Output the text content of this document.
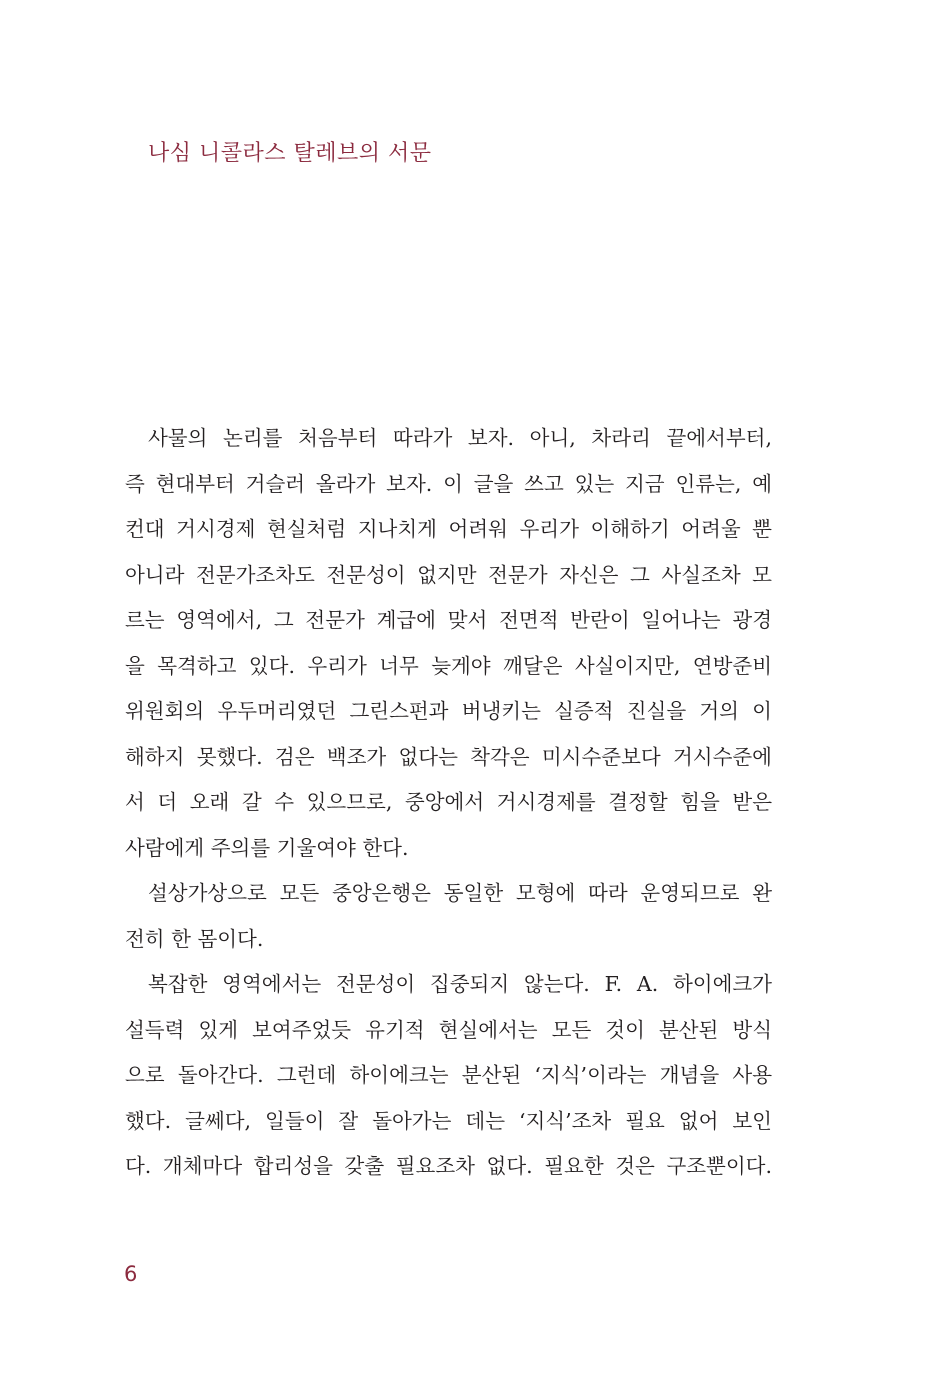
나심 니콜라스 탈레브의 서문
사물의 논리를 처음부터 따라가 보자. 아니, 차라리 끝에서부터,
즉 현대부터 거슬러 올라가 보자. 이 글을 쓰고 있는 지금 인류는, 예
컨대 거시경제 현실처럼 지나치게 어려워 우리가 이해하기 어려울 뿐
아니라 전문가조차도 전문성이 없지만 전문가 자신은 그 사실조차 모
르는 영역에서, 그 전문가 계급에 맞서 전면적 반란이 일어나는 광경
을 목격하고 있다. 우리가 너무 늦게야 깨달은 사실이지만, 연방준비
위원회의 우두머리였던 그린스펀과 버냉키는 실증적 진실을 거의 이
해하지 못했다. 검은 백조가 없다는 착각은 미시수준보다 거시수준에
서 더 오래 갈 수 있으므로, 중앙에서 거시경제를 결정할 힘을 받은
사람에게 주의를 기울여야 한다.
설상가상으로 모든 중앙은행은 동일한 모형에 따라 운영되므로 완
전히 한 몸이다.
복잡한 영역에서는 전문성이 집중되지 않는다. F. A. 하이에크가
설득력 있게 보여주었듯 유기적 현실에서는 모든 것이 분산된 방식
으로 돌아간다. 그런데 하이에크는 분산된 ‘지식’이라는 개념을 사용
했다. 글쎄다, 일들이 잘 돌아가는 데는 ‘지식’조차 필요 없어 보인
다. 개체마다 합리성을 갖출 필요조차 없다. 필요한 것은 구조뿐이다.
6
